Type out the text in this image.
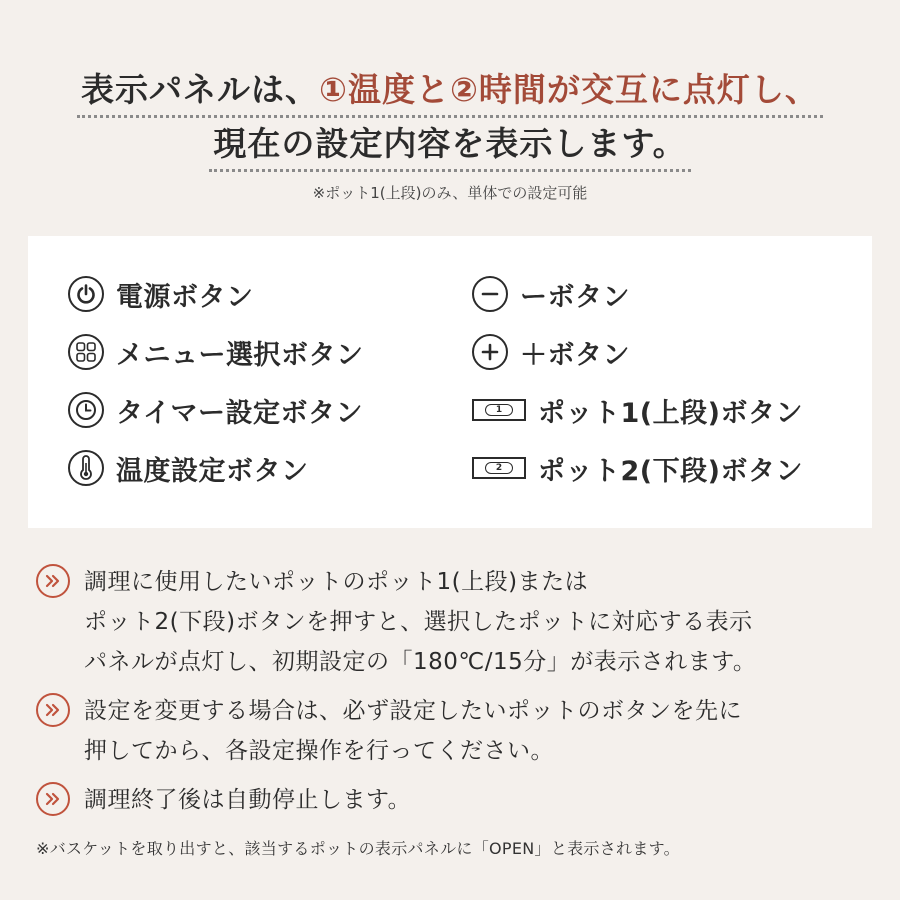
表示パネルは、①温度と②時間が交互に点灯し、
現在の設定内容を表示します。
※ポット1(上段)のみ、単体での設定可能
電源ボタン
メニュー選択ボタン
タイマー設定ボタン
温度設定ボタン
ーボタン
＋ボタン
1	ポット1(上段)ボタン
2	ポット2(下段)ボタン
調理に使用したいポットのポット1(上段)または
ポット2(下段)ボタンを押すと、選択したポットに対応する表示
パネルが点灯し、初期設定の「180℃/15分」が表示されます。
設定を変更する場合は、必ず設定したいポットのボタンを先に
押してから、各設定操作を行ってください。
調理終了後は自動停止します。
※バスケットを取り出すと、該当するポットの表示パネルに「OPEN」と表示されます。
